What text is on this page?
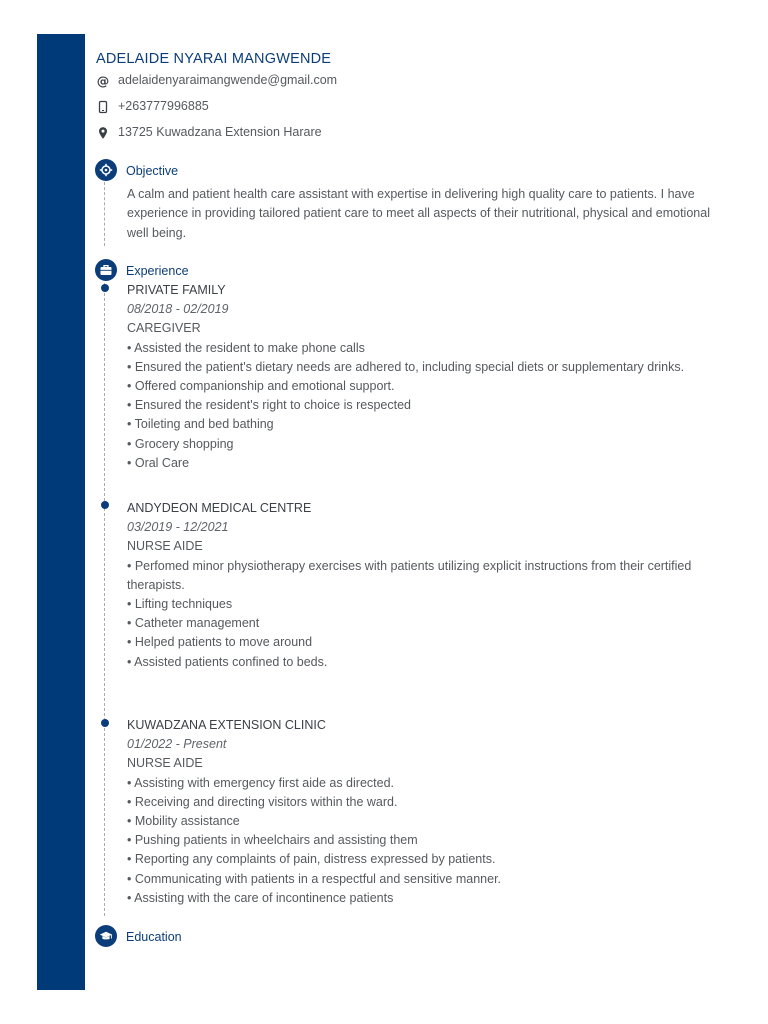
ADELAIDE NYARAI MANGWENDE
@ adelaidenyaraimangwende@gmail.com
+263777996885
13725 Kuwadzana Extension Harare
Objective

A calm and patient health care assistant with expertise in delivering high quality care to patients. I have experience in providing tailored patient care to meet all aspects of their nutritional, physical and emotional well being.

Experience
PRIVATE FAMILY
08/2018 - 02/2019
CAREGIVER
• Assisted the resident to make phone calls
• Ensured the patient's dietary needs are adhered to, including special diets or supplementary drinks.
• Offered companionship and emotional support.
• Ensured the resident's right to choice is respected
• Toileting and bed bathing
• Grocery shopping
• Oral Care
ANDYDEON MEDICAL CENTRE
03/2019 - 12/2021
NURSE AIDE
• Perfomed minor physiotherapy exercises with patients utilizing explicit instructions from their certified therapists.
• Lifting techniques
• Catheter management
• Helped patients to move around
• Assisted patients confined to beds.
KUWADZANA EXTENSION CLINIC
01/2022 - Present
NURSE AIDE
• Assisting with emergency first aide as directed.
• Receiving and directing visitors within the ward.
• Mobility assistance
• Pushing patients in wheelchairs and assisting them
• Reporting any complaints of pain, distress expressed by patients.
• Communicating with patients in a respectful and sensitive manner.
• Assisting with the care of incontinence patients
Education
